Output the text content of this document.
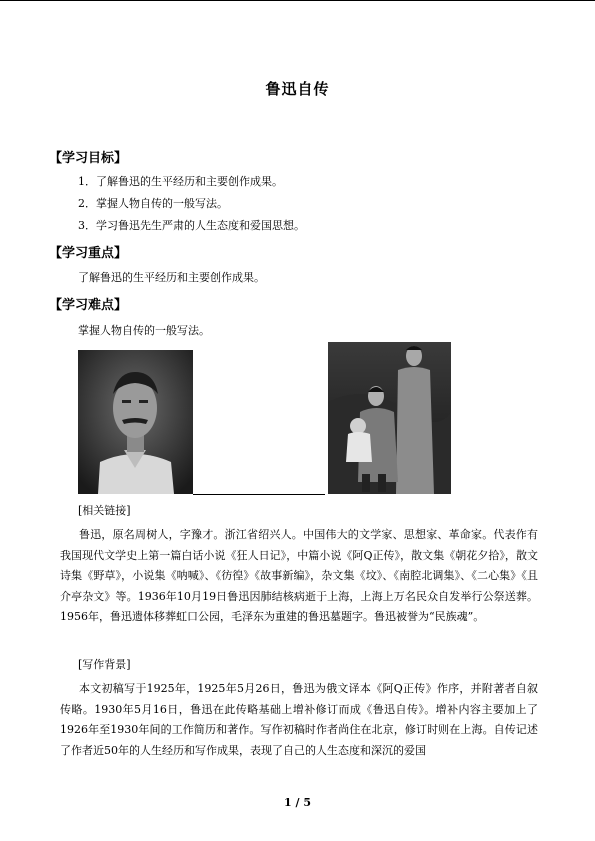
鲁迅自传
【学习目标】
1．了解鲁迅的生平经历和主要创作成果。
2．掌握人物自传的一般写法。
3．学习鲁迅先生严肃的人生态度和爱国思想。
【学习重点】
了解鲁迅的生平经历和主要创作成果。
【学习难点】
掌握人物自传的一般写法。
[相关链接]
鲁迅，原名周树人，字豫才。浙江省绍兴人。中国伟大的文学家、思想家、革命家。代表作有我国现代文学史上第一篇白话小说《狂人日记》，中篇小说《阿Q正传》，散文集《朝花夕拾》，散文诗集《野草》，小说集《呐喊》、《彷徨》《故事新编》，杂文集《坟》、《南腔北调集》、《二心集》《且介亭杂文》等。1936年10月19日鲁迅因肺结核病逝于上海，上海上万名民众自发举行公祭送葬。1956年，鲁迅遗体移葬虹口公园，毛泽东为重建的鲁迅墓题字。鲁迅被誉为“民族魂”。
[写作背景]
本文初稿写于1925年，1925年5月26日，鲁迅为俄文译本《阿Q正传》作序，并附著者自叙传略。1930年5月16日，鲁迅在此传略基础上增补修订而成《鲁迅自传》。增补内容主要加上了1926年至1930年间的工作简历和著作。写作初稿时作者尚住在北京，修订时则在上海。自传记述了作者近50年的人生经历和写作成果，表现了自己的人生态度和深沉的爱国
1 / 5
